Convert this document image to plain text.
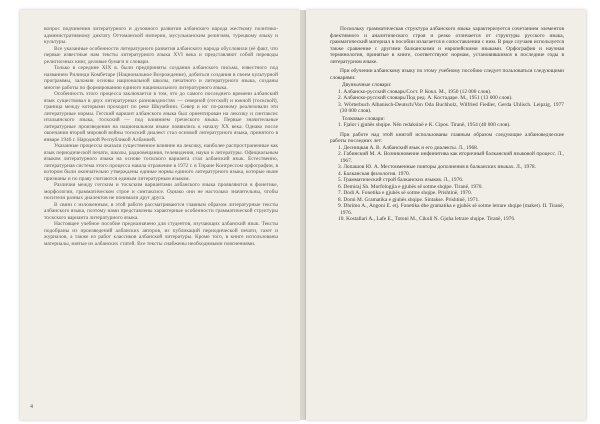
вопрос подчинения литературного и духовного развития албанского народа жесткому политико-административному диктату Оттоманской империи, мусульманским религиям, турецкому языку и культуры.

Все указанные особенности литературного развития албанского народа обусловили (её факт, что первые известные нам тексты литературного языка XVI века и представляют собой переводы религиозных книг, деловые бумаги и словари.

Только в середине XIX в. были предприняты создания албанского письма, известного под названием Рилинди Комбетаре (Национальное Возрождение), добиться создания в своем культурной программы, заложив основы национальной школы, печатного и литературного языка, созданы многие работы по формированию единого национального литературного языка.

Особенность этого процесса заключается в том, что до самого последнего времени албанский язык существовал в двух литературных разновидностях — северной (гегской) и южной (тоскской), граница между которыми проходит по реке Шкумбини. Север и юг по-разному реализовали эти литературные нормы. Гегский вариант албанского языка был ориентирован на лексику и синтаксис итальянского языка, тоскский — под влиянием греческого языка. Первые значительные литературные произведения на национальном языке появились к началу XX века. Однако после окончания второй мировой войны тоскский диалект стал основой литературного языка, принятого в январе 1946 г. Народной Республикой Албанией.

Указанные процессы оказали существенное влияние на лексику, наиболее распространенные как язык периодической печати, школы, радиовещания, телевидения, науки и литературы. Официальным языком литературного языка на основе тоскского варианта стал албанский язык. Естественно, литературная система этого процесса нашла отражение в 1972 г. в Тиране Конгрессом орфографии, в котором были окончательно утверждены единые нормы единого литературного языка, которые ныне признаны и по праву считаются единым литературным языком.

Различия между гегским и тоскским вариантами албанского языка проявляются в фонетике, морфологии, грамматическом строе и синтаксисе. Однако они не настолько значительны, чтобы носители разных диалектов не понимали друг друга.

В связи с изложенным, в этой работе рассматриваются главным образом литературные тексты албанского языка, поэтому нами представлены характерные особенности грамматической структуры тоскского варианта литературного языка.

Настоящее учебное пособие предназначено для студентов, изучающих албанский язык. Тексты подобраны из произведений албанских авторов, из публикаций периодической печати, газет и журналов, а также из работ классиков албанской литературы. Кроме того, в книге использованы материалы, взятые из албанских статей. Все тексты снабжены необходимыми пояснениями.

4

Поскольку грамматическая структура албанского языка характеризуется сочетанием элементов флективного и аналитического строя и резко отличается от структуры русского языка, грамматический материал в пособии излагается в сопоставлении с ним. В ряде случаев используется также сравнение с другими балканскими и европейскими языками. Орфография и научная терминология, принятые в книге, соответствуют нормам, установившимся в последние годы в литературном языке.

При обучении албанскому языку по этому учебному пособию следует пользоваться следующими словарями:

Двуязычные словари:

1. Албанско-русский словарь/Сост. Р. Кокл. М., 1950 (12 000 слов).

2. Албанско-русский словарь/Под ред. А. Костадаре. М., 1951 (13 000 слов).

3. Wörterbuch Albanisch-Deutsch/Von Oda Buchholz, Wilfried Fiedler, Gerda Uhlisch. Leipzig, 1977 (30 000 слов).

Толковые словари:

1. Fjalor i gjuhës shqipe. Nën redaksinë e K. Cipos. Tiranë, 1954 (40 000 слов).

При работе над этой книгой использованы главным образом следующие албановедческие работы последних лет:

1. Десницкая А. В. Албанский язык и его диалекты. Л., 1968.

2. Габинский М. А. Возникновение инфинитива как вторичный балканский языковой процесс. Л., 1967.

3. Лопашов Ю. А. Местоименные повторы дополнения в балканских языках. Л., 1978.

4. Балканская филология. 1970.

5. Грамматический строй балканских языков. Л., 1976.

6. Demiraj Sh. Morfologjia e gjuhës së sotme shqipe. Tiranë, 1970.

7. Dodi A. Fonetika e gjuhës së sotme shqipe. Prishtinë, 1970.

8. Domi M. Gramatika e gjuhës shqipe. Sintakse. Prishtinë, 1971.

9. Dhrimo A., Angoni E. etj. Fonetika dhe gramatika e gjuhës së sotme letrare shqipe (maket). II. Tiranë, 1976.

10. Kostallari A., Lafe E., Totoni M., Cikuli N. Gjuha letrare shqipe. Tiranë, 1976.
